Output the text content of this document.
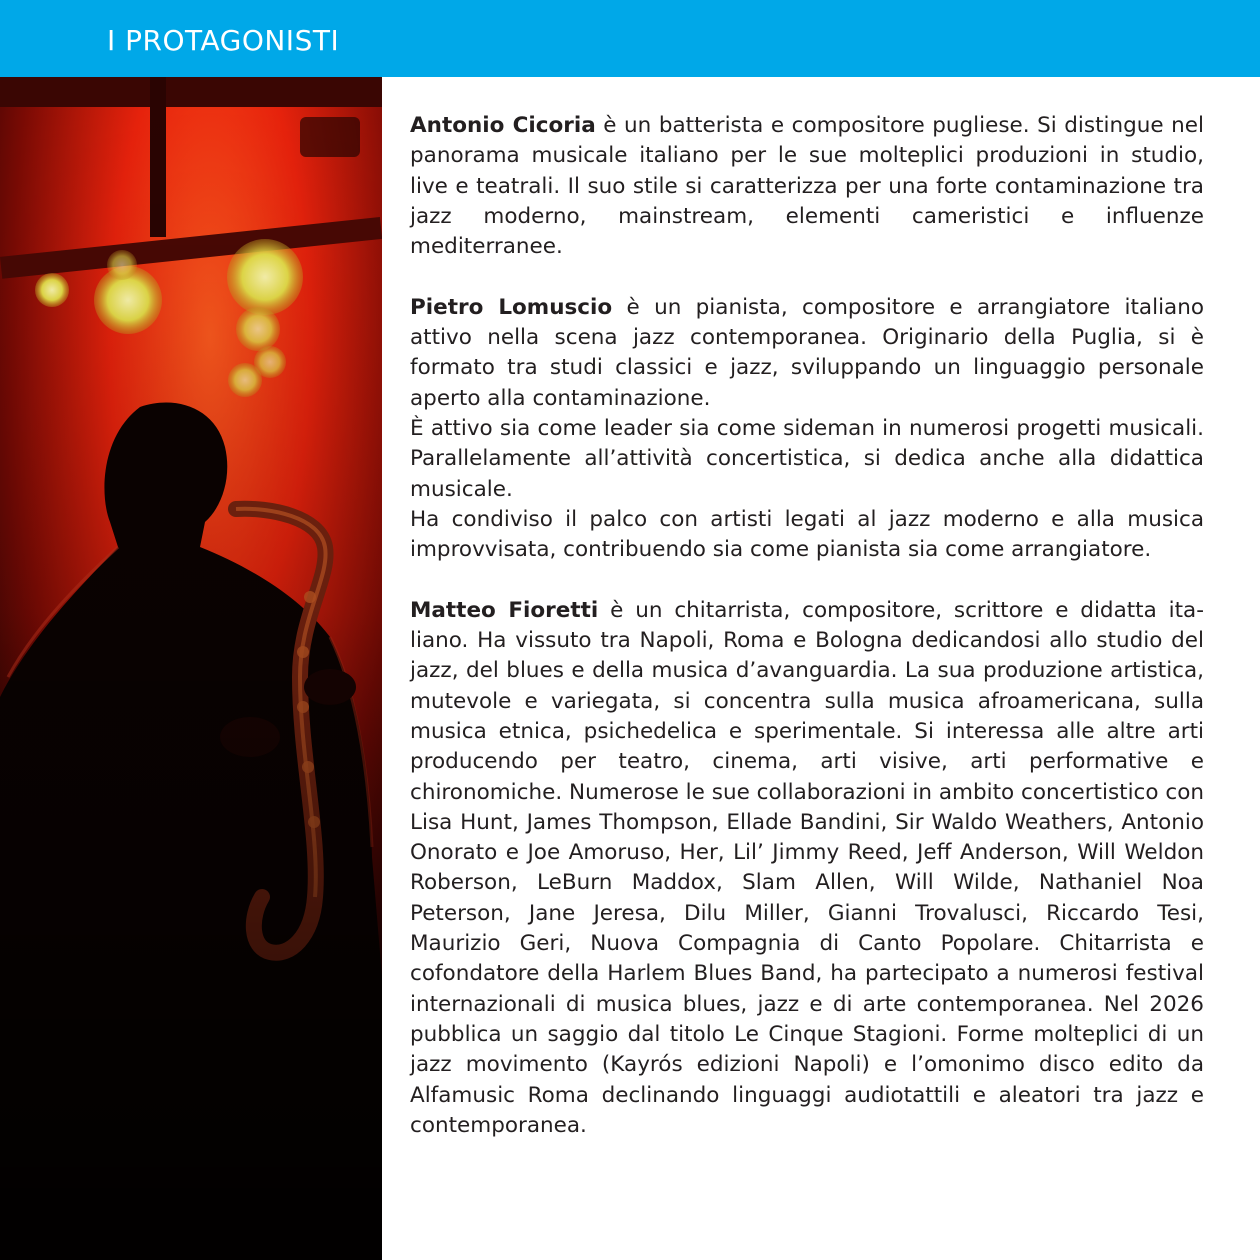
I PROTAGONISTI

Antonio Cicoria è un batterista e compositore pugliese. Si distingue nel panorama musicale italiano per le sue molteplici produzioni in studio, live e teatrali. Il suo stile si caratterizza per una forte contaminazione tra jazz moderno, mainstream, elementi cameristici e influenze mediterranee.

Pietro Lomuscio è un pianista, compositore e arrangiatore italiano attivo nella scena jazz contemporanea. Originario della Puglia, si è formato tra studi classici e jazz, sviluppando un linguaggio personale aperto alla contaminazione.

È attivo sia come leader sia come sideman in numerosi progetti musicali. Parallelamente all’attività concertistica, si dedica anche alla didattica musicale.

Ha condiviso il palco con artisti legati al jazz moderno e alla musica improvvisata, contribuendo sia come pianista sia come arrangiatore.

Matteo Fioretti è un chitarrista, compositore, scrittore e didatta italiano. Ha vissuto tra Napoli, Roma e Bologna dedicandosi allo studio del jazz, del blues e della musica d’avanguardia. La sua produzione artistica, mutevole e variegata, si concentra sulla musica afroamericana, sulla musica etnica, psichedelica e sperimentale. Si interessa alle altre arti producendo per teatro, cinema, arti visive, arti performative e chironomiche. Numerose le sue collaborazioni in ambito concertistico con Lisa Hunt, James Thompson, Ellade Bandini, Sir Waldo Weathers, Antonio Onorato e Joe Amoruso, Her, Lil’ Jimmy Reed, Jeff Anderson, Will Weldon Roberson, LeBurn Maddox, Slam Allen, Will Wilde, Nathaniel Noa Peterson, Jane Jeresa, Dilu Miller, Gianni Trovalusci, Riccardo Tesi, Maurizio Geri, Nuova Compagnia di Canto Popolare. Chitarrista e cofondatore della Harlem Blues Band, ha partecipato a numerosi festival internazionali di musica blues, jazz e di arte contemporanea. Nel 2026 pubblica un saggio dal titolo Le Cinque Stagioni. Forme molteplici di un jazz movimento (Kayrós edizioni Napoli) e l’omonimo disco edito da Alfamusic Roma declinando linguaggi audiotattili e aleatori tra jazz e contemporanea.
